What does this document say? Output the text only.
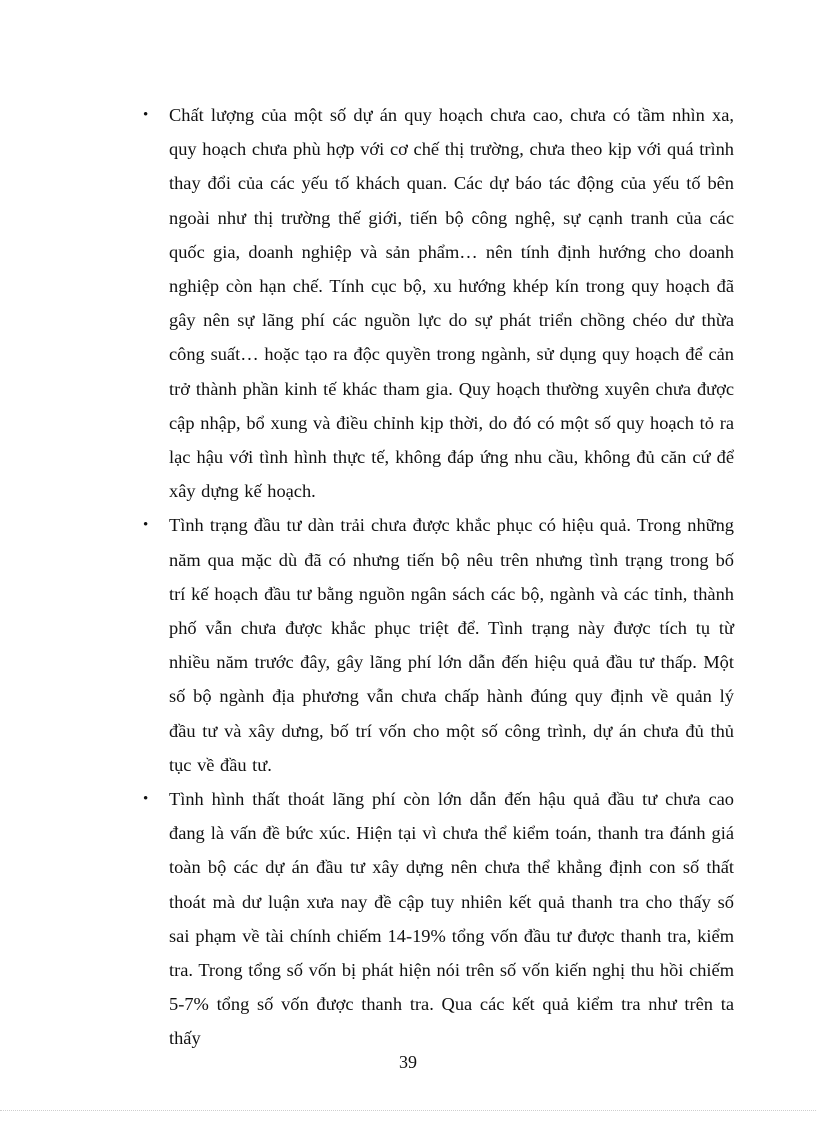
• Chất lượng của một số dự án quy hoạch chưa cao, chưa có tầm nhìn xa, quy hoạch chưa phù hợp với cơ chế thị trường, chưa theo kịp với quá trình thay đổi của các yếu tố khách quan. Các dự báo tác động của yếu tố bên ngoài như thị trường thế giới, tiến bộ công nghệ, sự cạnh tranh của các quốc gia, doanh nghiệp và sản phẩm… nên tính định hướng cho doanh nghiệp còn hạn chế. Tính cục bộ, xu hướng khép kín trong quy hoạch đã gây nên sự lãng phí các nguồn lực do sự phát triển chồng chéo dư thừa công suất… hoặc tạo ra độc quyền trong ngành, sử dụng quy hoạch để cản trở thành phần kinh tế khác tham gia. Quy hoạch thường xuyên chưa được cập nhập, bổ xung và điều chỉnh kịp thời, do đó có một số quy hoạch tỏ ra lạc hậu với tình hình thực tế, không đáp ứng nhu cầu, không đủ căn cứ để xây dựng kế hoạch.
• Tình trạng đầu tư dàn trải chưa được khắc phục có hiệu quả. Trong những năm qua mặc dù đã có nhưng tiến bộ nêu trên nhưng tình trạng trong bố trí kế hoạch đầu tư bằng nguồn ngân sách các bộ, ngành và các tỉnh, thành phố vẫn chưa được khắc phục triệt để. Tình trạng này được tích tụ từ nhiều năm trước đây, gây lãng phí lớn dẫn đến hiệu quả đầu tư thấp. Một số bộ ngành địa phương vẫn chưa chấp hành đúng quy định về quản lý đầu tư và xây dưng, bố trí vốn cho một số công trình, dự án chưa đủ thủ tục về đầu tư.
• Tình hình thất thoát lãng phí còn lớn dẫn đến hậu quả đầu tư chưa cao đang là vấn đề bức xúc. Hiện tại vì chưa thể kiểm toán, thanh tra đánh giá toàn bộ các dự án đầu tư xây dựng nên chưa thể khẳng định con số thất thoát mà dư luận xưa nay đề cập tuy nhiên kết quả thanh tra cho thấy số sai phạm về tài chính chiếm 14-19% tổng vốn đầu tư được thanh tra, kiểm tra. Trong tổng số vốn bị phát hiện nói trên số vốn kiến nghị thu hồi chiếm 5-7% tổng số vốn được thanh tra. Qua các kết quả kiểm tra như trên ta thấy
39
